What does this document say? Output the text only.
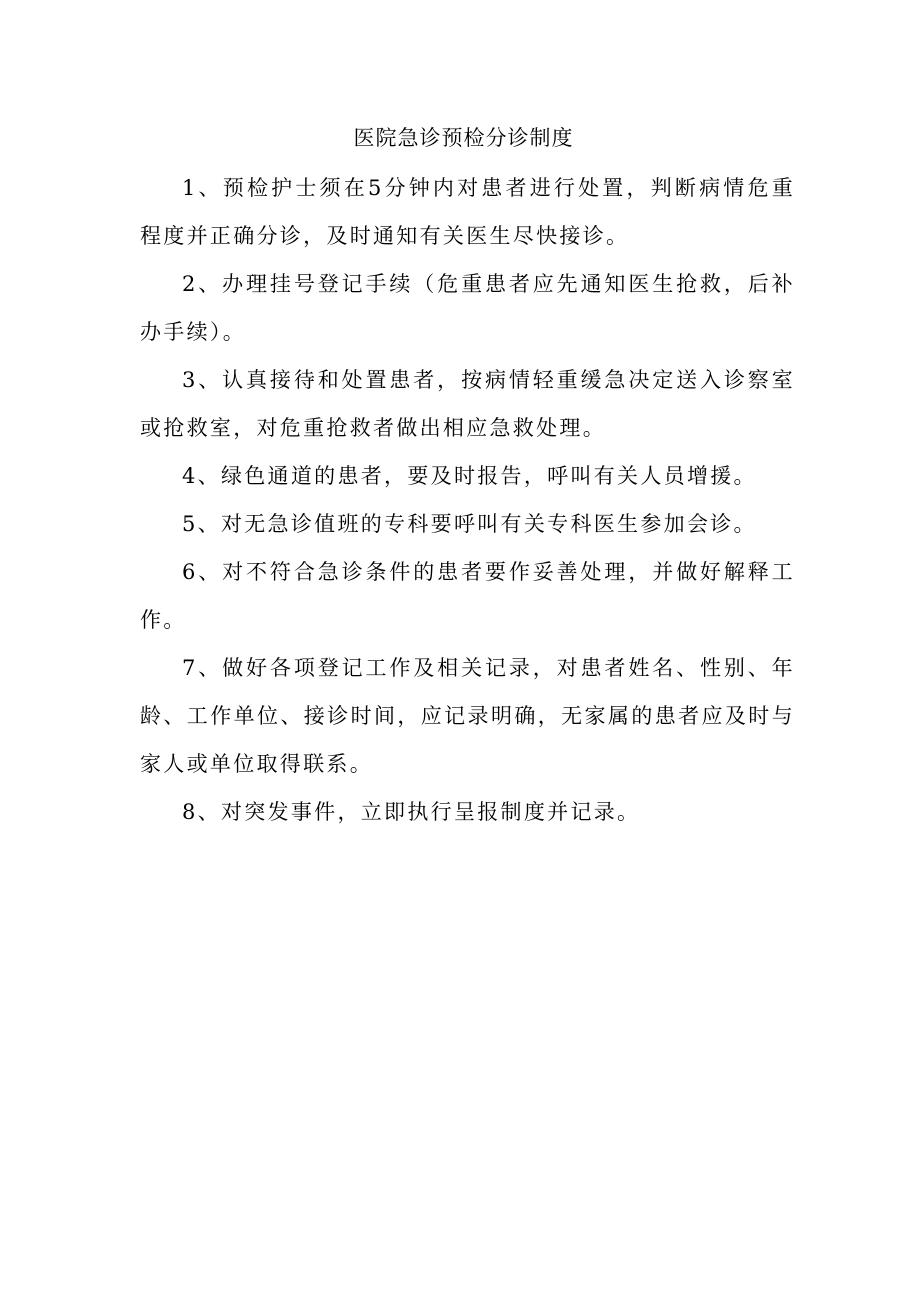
医院急诊预检分诊制度

1、预检护士须在5分钟内对患者进行处置，判断病情危重程度并正确分诊，及时通知有关医生尽快接诊。

2、办理挂号登记手续（危重患者应先通知医生抢救，后补办手续）。

3、认真接待和处置患者，按病情轻重缓急决定送入诊察室或抢救室，对危重抢救者做出相应急救处理。

4、绿色通道的患者，要及时报告，呼叫有关人员增援。

5、对无急诊值班的专科要呼叫有关专科医生参加会诊。

6、对不符合急诊条件的患者要作妥善处理，并做好解释工作。

7、做好各项登记工作及相关记录，对患者姓名、性别、年龄、工作单位、接诊时间，应记录明确，无家属的患者应及时与家人或单位取得联系。

8、对突发事件，立即执行呈报制度并记录。
